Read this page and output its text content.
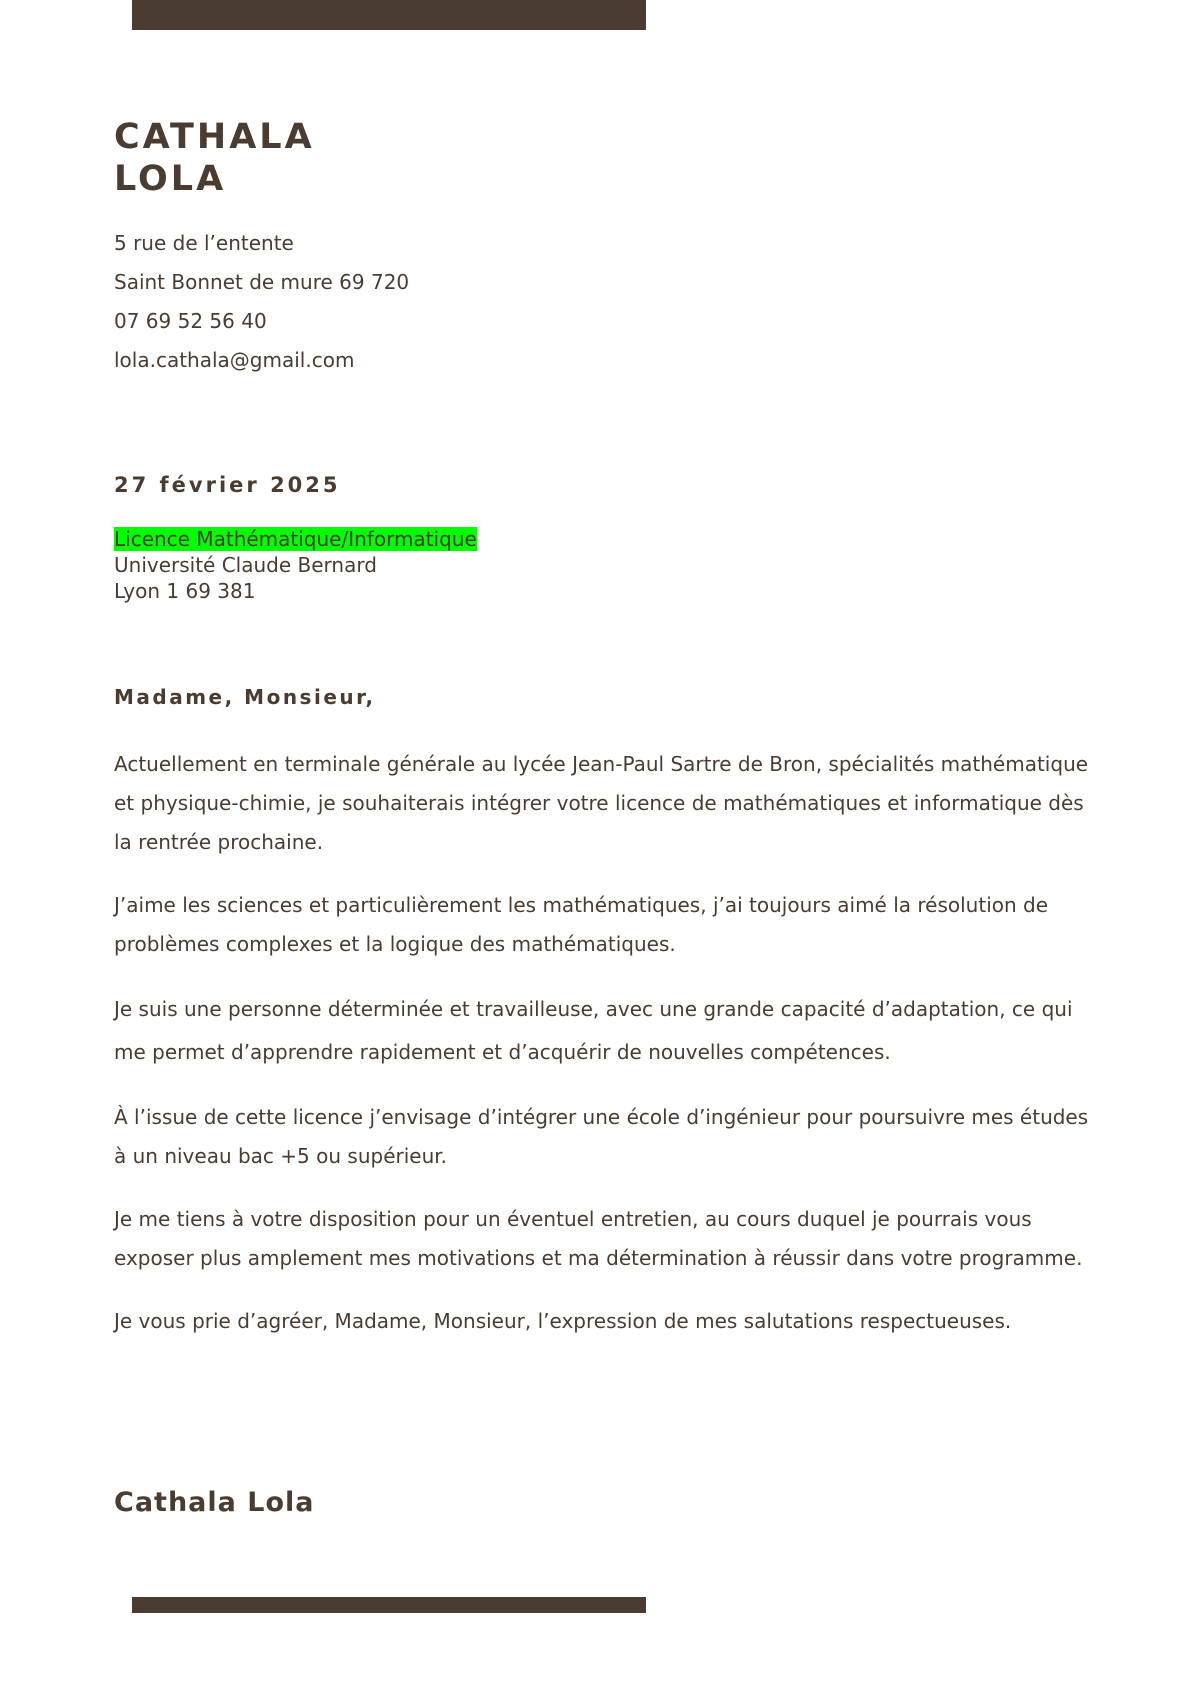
CATHALA
LOLA
5 rue de l’entente
Saint Bonnet de mure 69 720
07 69 52 56 40
lola.cathala@gmail.com
27 février 2025
Licence Mathématique/Informatique
Université Claude Bernard
Lyon 1 69 381
Madame, Monsieur,

Actuellement en terminale générale au lycée Jean-Paul Sartre de Bron, spécialités mathématique et physique-chimie, je souhaiterais intégrer votre licence de mathématiques et informatique dès la rentrée prochaine.

J’aime les sciences et particulièrement les mathématiques, j’ai toujours aimé la résolution de problèmes complexes et la logique des mathématiques.

Je suis une personne déterminée et travailleuse, avec une grande capacité d’adaptation, ce qui me permet d’apprendre rapidement et d’acquérir de nouvelles compétences.

À l’issue de cette licence j’envisage d’intégrer une école d’ingénieur pour poursuivre mes études à un niveau bac +5 ou supérieur.

Je me tiens à votre disposition pour un éventuel entretien, au cours duquel je pourrais vous exposer plus amplement mes motivations et ma détermination à réussir dans votre programme.

Je vous prie d’agréer, Madame, Monsieur, l’expression de mes salutations respectueuses.

Cathala Lola
